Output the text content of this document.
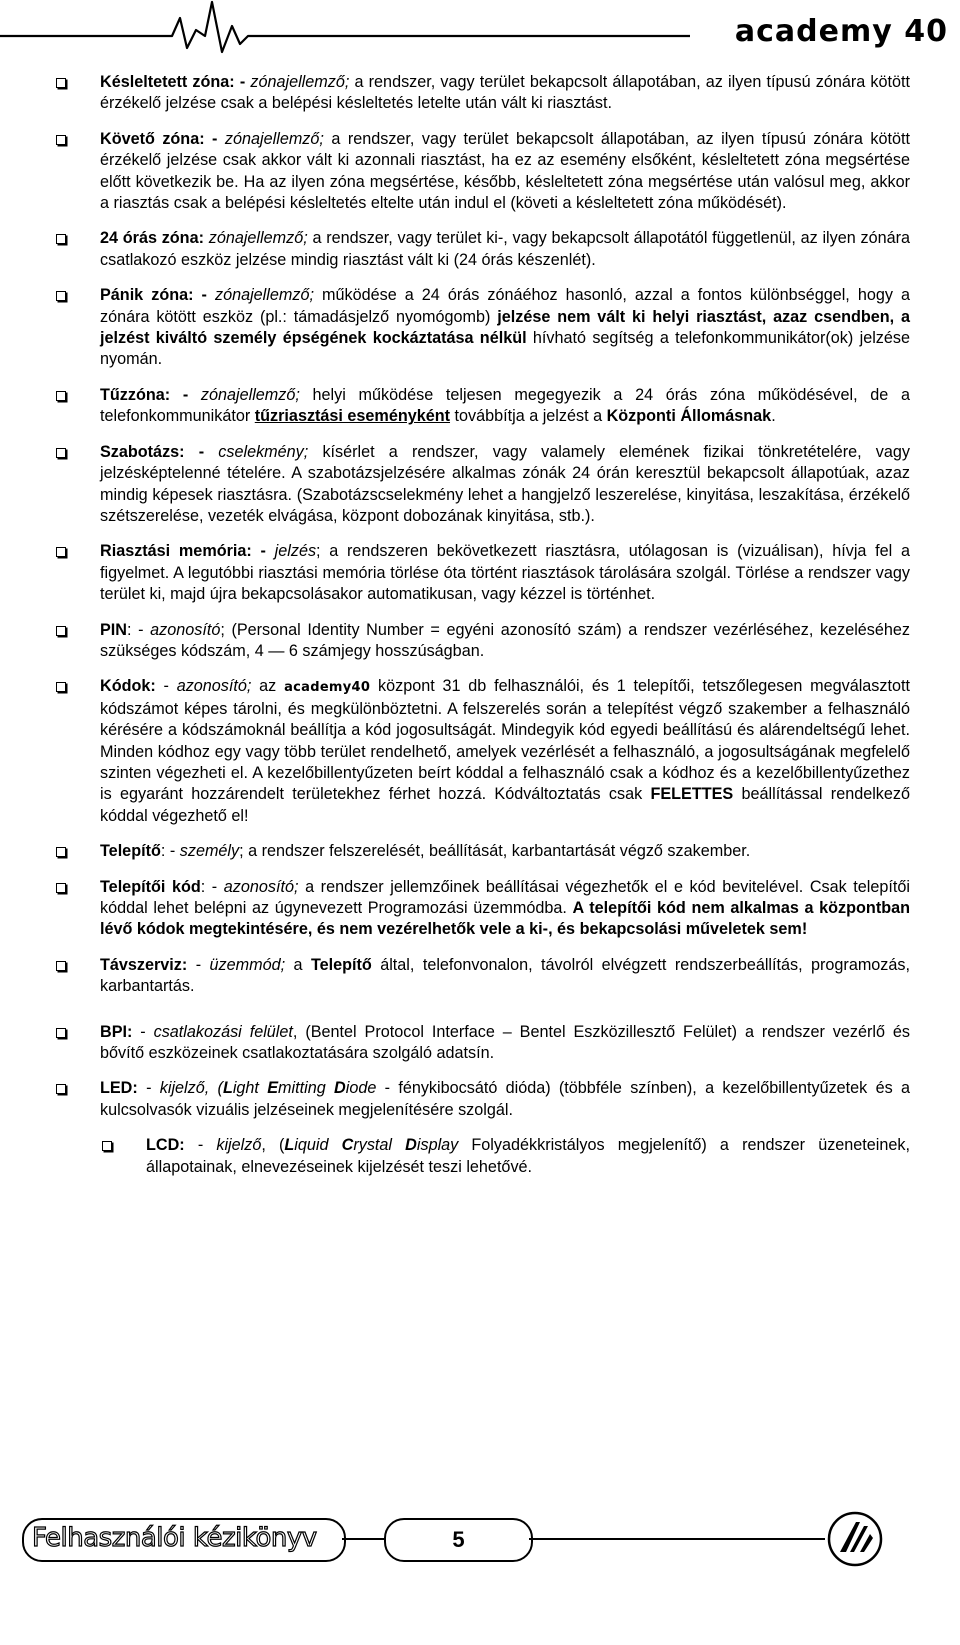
academy 40
Késleltetett zóna: - zónajellemző; a rendszer, vagy terület bekapcsolt állapotában, az ilyen típusú zónára kötött érzékelő jelzése csak a belépési késleltetés letelte után vált ki riasztást.
Követő zóna: - zónajellemző; a rendszer, vagy terület bekapcsolt állapotában, az ilyen típusú zónára kötött érzékelő jelzése csak akkor vált ki azonnali riasztást, ha ez az esemény elsőként, késleltetett zóna megsértése előtt következik be. Ha az ilyen zóna megsértése, később, késleltetett zóna megsértése után valósul meg, akkor a riasztás csak a belépési késleltetés eltelte után indul el (követi a késleltetett zóna működését).
24 órás zóna: zónajellemző; a rendszer, vagy terület ki-, vagy bekapcsolt állapotától függetlenül, az ilyen zónára csatlakozó eszköz jelzése mindig riasztást vált ki (24 órás készenlét).
Pánik zóna: - zónajellemző; működése a 24 órás zónáéhoz hasonló, azzal a fontos különbséggel, hogy a zónára kötött eszköz (pl.: támadásjelző nyomógomb) jelzése nem vált ki helyi riasztást, azaz csendben, a jelzést kiváltó személy épségének kockáztatása nélkül hívható segítség a telefonkommunikátor(ok) jelzése nyomán.
Tűzzóna: - zónajellemző; helyi működése teljesen megegyezik a 24 órás zóna működésével, de a telefonkommunikátor tűzriasztási eseményként továbbítja a jelzést a Központi Állomásnak.
Szabotázs: - cselekmény; kísérlet a rendszer, vagy valamely elemének fizikai tönkretételére, vagy jelzésképtelenné tételére. A szabotázsjelzésére alkalmas zónák 24 órán keresztül bekapcsolt állapotúak, azaz mindig képesek riasztásra. (Szabotázscselekmény lehet a hangjelző leszerelése, kinyitása, leszakítása, érzékelő szétszerelése, vezeték elvágása, központ dobozának kinyitása, stb.).
Riasztási memória: - jelzés; a rendszeren bekövetkezett riasztásra, utólagosan is (vizuálisan), hívja fel a figyelmet. A legutóbbi riasztási memória törlése óta történt riasztások tárolására szolgál. Törlése a rendszer vagy terület ki, majd újra bekapcsolásakor automatikusan, vagy kézzel is történhet.
PIN: - azonosító; (Personal Identity Number = egyéni azonosító szám) a rendszer vezérléséhez, kezeléséhez szükséges kódszám, 4 — 6 számjegy hosszúságban.
Kódok: - azonosító; az academy40 központ 31 db felhasználói, és 1 telepítői, tetszőlegesen megválasztott kódszámot képes tárolni, és megkülönböztetni. A felszerelés során a telepítést végző szakember a felhasználó kérésére a kódszámoknál beállítja a kód jogosultságát. Mindegyik kód egyedi beállítású és alárendeltségű lehet. Minden kódhoz egy vagy több terület rendelhető, amelyek vezérlését a felhasználó, a jogosultságának megfelelő szinten végezheti el. A kezelőbillentyűzeten beírt kóddal a felhasználó csak a kódhoz és a kezelőbillentyűzethez is egyaránt hozzárendelt területekhez férhet hozzá. Kódváltoztatás csak FELETTES beállítással rendelkező kóddal végezhető el!
Telepítő: - személy; a rendszer felszerelését, beállítását, karbantartását végző szakember.
Telepítői kód: - azonosító; a rendszer jellemzőinek beállításai végezhetők el e kód bevitelével. Csak telepítői kóddal lehet belépni az úgynevezett Programozási üzemmódba. A telepítői kód nem alkalmas a központban lévő kódok megtekintésére, és nem vezérelhetők vele a ki-, és bekapcsolási műveletek sem!
Távszerviz: - üzemmód; a Telepítő által, telefonvonalon, távolról elvégzett rendszerbeállítás, programozás, karbantartás.
BPI: - csatlakozási felület, (Bentel Protocol Interface – Bentel Eszközillesztő Felület) a rendszer vezérlő és bővítő eszközeinek csatlakoztatására szolgáló adatsín.
LED: - kijelző, (Light Emitting Diode - fénykibocsátó dióda) (többféle színben), a kezelőbillentyűzetek és a kulcsolvasók vizuális jelzéseinek megjelenítésére szolgál.
LCD: - kijelző, (Liquid Crystal Display Folyadékkristályos megjelenítő) a rendszer üzeneteinek, állapotainak, elnevezéseinek kijelzését teszi lehetővé.
Felhasználói kézikönyv	5
